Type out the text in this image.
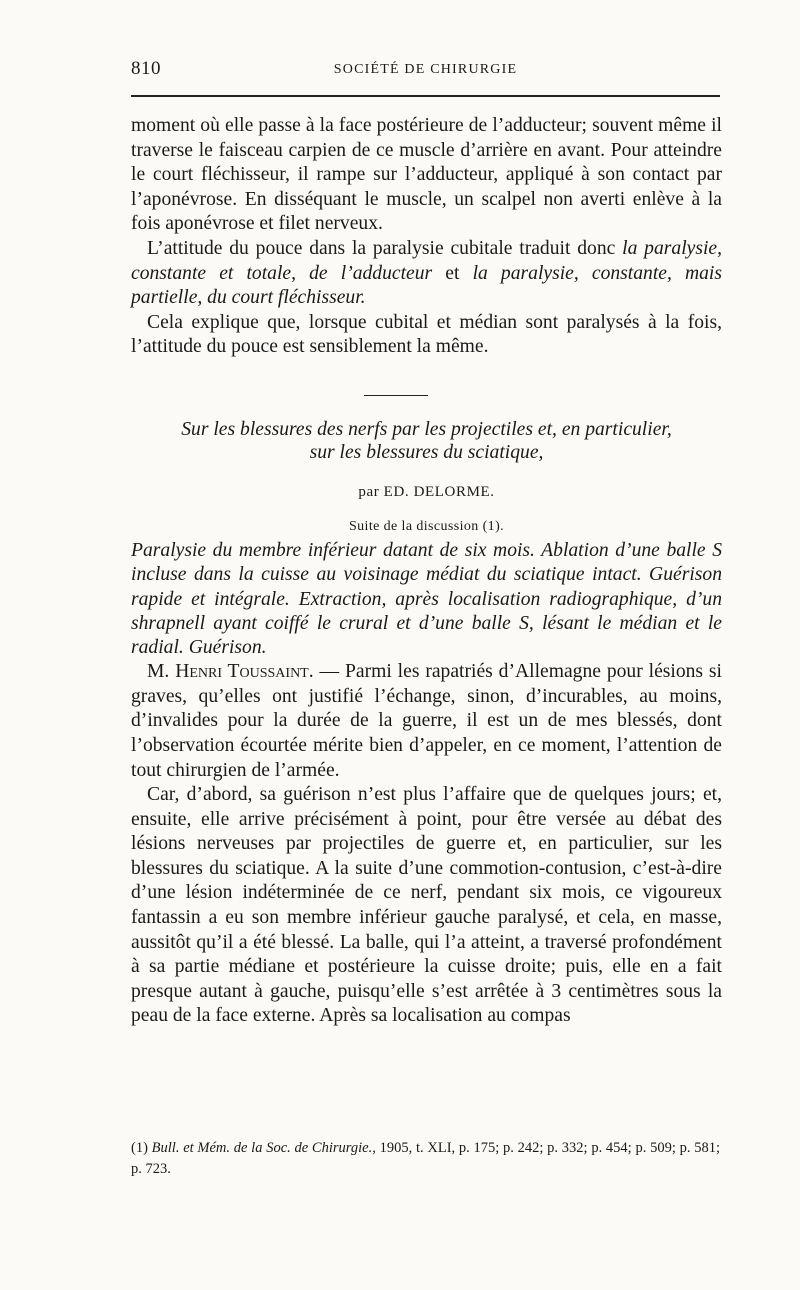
810	SOCIÉTÉ DE CHIRURGIE

moment où elle passe à la face postérieure de l’adducteur; souvent même il traverse le faisceau carpien de ce muscle d’arrière en avant. Pour atteindre le court fléchisseur, il rampe sur l’adducteur, appliqué à son contact par l’aponévrose. En disséquant le muscle, un scalpel non averti enlève à la fois aponévrose et filet nerveux.

L’attitude du pouce dans la paralysie cubitale traduit donc la paralysie, constante et totale, de l’adducteur et la paralysie, constante, mais partielle, du court fléchisseur.

Cela explique que, lorsque cubital et médian sont paralysés à la fois, l’attitude du pouce est sensiblement la même.

Sur les blessures des nerfs par les projectiles et, en particulier,
sur les blessures du sciatique,
par ED. DELORME.
Suite de la discussion (1).

Paralysie du membre inférieur datant de six mois. Ablation d’une balle S incluse dans la cuisse au voisinage médiat du sciatique intact. Guérison rapide et intégrale. Extraction, après localisation radiographique, d’un shrapnell ayant coiffé le crural et d’une balle S, lésant le médian et le radial. Guérison.

M. Henri Toussaint. — Parmi les rapatriés d’Allemagne pour lésions si graves, qu’elles ont justifié l’échange, sinon, d’incurables, au moins, d’invalides pour la durée de la guerre, il est un de mes blessés, dont l’observation écourtée mérite bien d’appeler, en ce moment, l’attention de tout chirurgien de l’armée.

Car, d’abord, sa guérison n’est plus l’affaire que de quelques jours; et, ensuite, elle arrive précisément à point, pour être versée au débat des lésions nerveuses par projectiles de guerre et, en particulier, sur les blessures du sciatique. A la suite d’une commotion-contusion, c’est-à-dire d’une lésion indéterminée de ce nerf, pendant six mois, ce vigoureux fantassin a eu son membre inférieur gauche paralysé, et cela, en masse, aussitôt qu’il a été blessé. La balle, qui l’a atteint, a traversé profondément à sa partie médiane et postérieure la cuisse droite; puis, elle en a fait presque autant à gauche, puisqu’elle s’est arrêtée à 3 centimètres sous la peau de la face externe. Après sa localisation au compas

(1) Bull. et Mém. de la Soc. de Chirurgie., 1905, t. XLI, p. 175; p. 242; p. 332; p. 454; p. 509; p. 581; p. 723.
